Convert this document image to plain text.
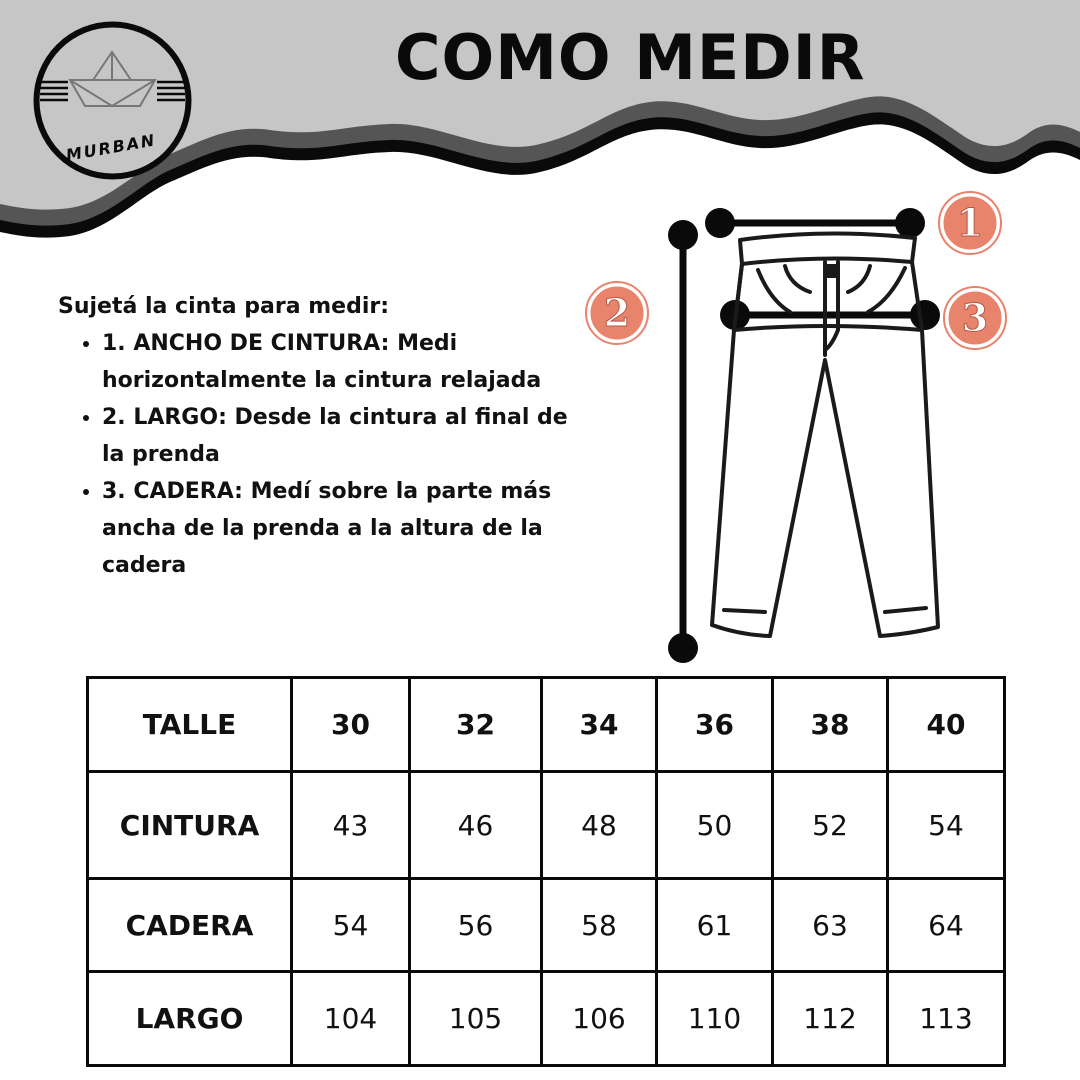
MURBAN
COMO MEDIR
Sujetá la cinta para medir:
• 1. ANCHO DE CINTURA: Medi horizontalmente la cintura relajada
• 2. LARGO: Desde la cintura al final de la prenda
• 3. CADERA: Medí sobre la parte más ancha de la prenda a la altura de la cadera
1
2	3
TALLE	30	32	34	36	38	40
CINTURA	43	46	48	50	52	54
CADERA	54	56	58	61	63	64
LARGO	104	105	106	110	112	113
